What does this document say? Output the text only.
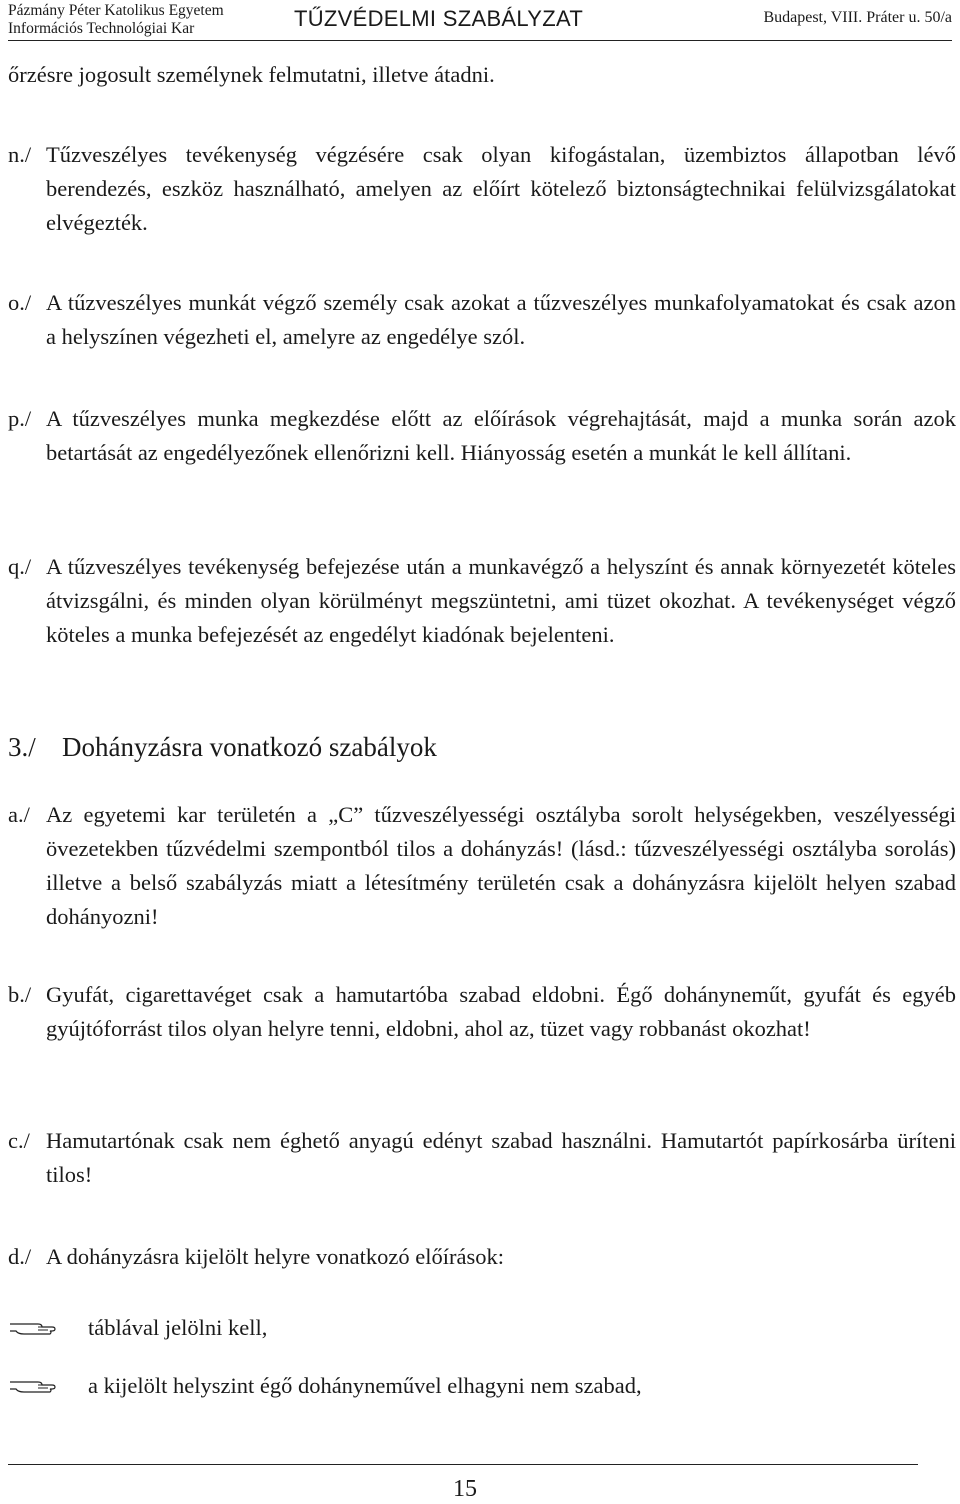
Pázmány Péter Katolikus Egyetem
Információs Technológiai Kar	TŰZVÉDELMI SZABÁLYZAT	Budapest, VIII. Práter u. 50/a
őrzésre jogosult személynek felmutatni, illetve átadni.
n./ Tűzveszélyes tevékenység végzésére csak olyan kifogástalan, üzembiztos állapotban lévő berendezés, eszköz használható, amelyen az előírt kötelező biztonságtechnikai felülvizsgálatokat elvégezték.
o./ A tűzveszélyes munkát végző személy csak azokat a tűzveszélyes munkafolyamatokat és csak azon a helyszínen végezheti el, amelyre az engedélye szól.
p./ A tűzveszélyes munka megkezdése előtt az előírások végrehajtását, majd a munka során azok betartását az engedélyezőnek ellenőrizni kell. Hiányosság esetén a munkát le kell állítani.
q./ A tűzveszélyes tevékenység befejezése után a munkavégző a helyszínt és annak környezetét köteles átvizsgálni, és minden olyan körülményt megszüntetni, ami tüzet okozhat. A tevékenységet végző köteles a munka befejezését az engedélyt kiadónak bejelenteni.
3./ Dohányzásra vonatkozó szabályok
a./ Az egyetemi kar területén a „C” tűzveszélyességi osztályba sorolt helységekben, veszélyességi övezetekben tűzvédelmi szempontból tilos a dohányzás! (lásd.: tűzveszélyességi osztályba sorolás) illetve a belső szabályzás miatt a létesítmény területén csak a dohányzásra kijelölt helyen szabad dohányozni!
b./ Gyufát, cigarettavéget csak a hamutartóba szabad eldobni. Égő dohányneműt, gyufát és egyéb gyújtóforrást tilos olyan helyre tenni, eldobni, ahol az, tüzet vagy robbanást okozhat!
c./ Hamutartónak csak nem éghető anyagú edényt szabad használni. Hamutartót papírkosárba üríteni tilos!
d./ A dohányzásra kijelölt helyre vonatkozó előírások:
táblával jelölni kell,
a kijelölt helyszint égő dohányneművel elhagyni nem szabad,
15
